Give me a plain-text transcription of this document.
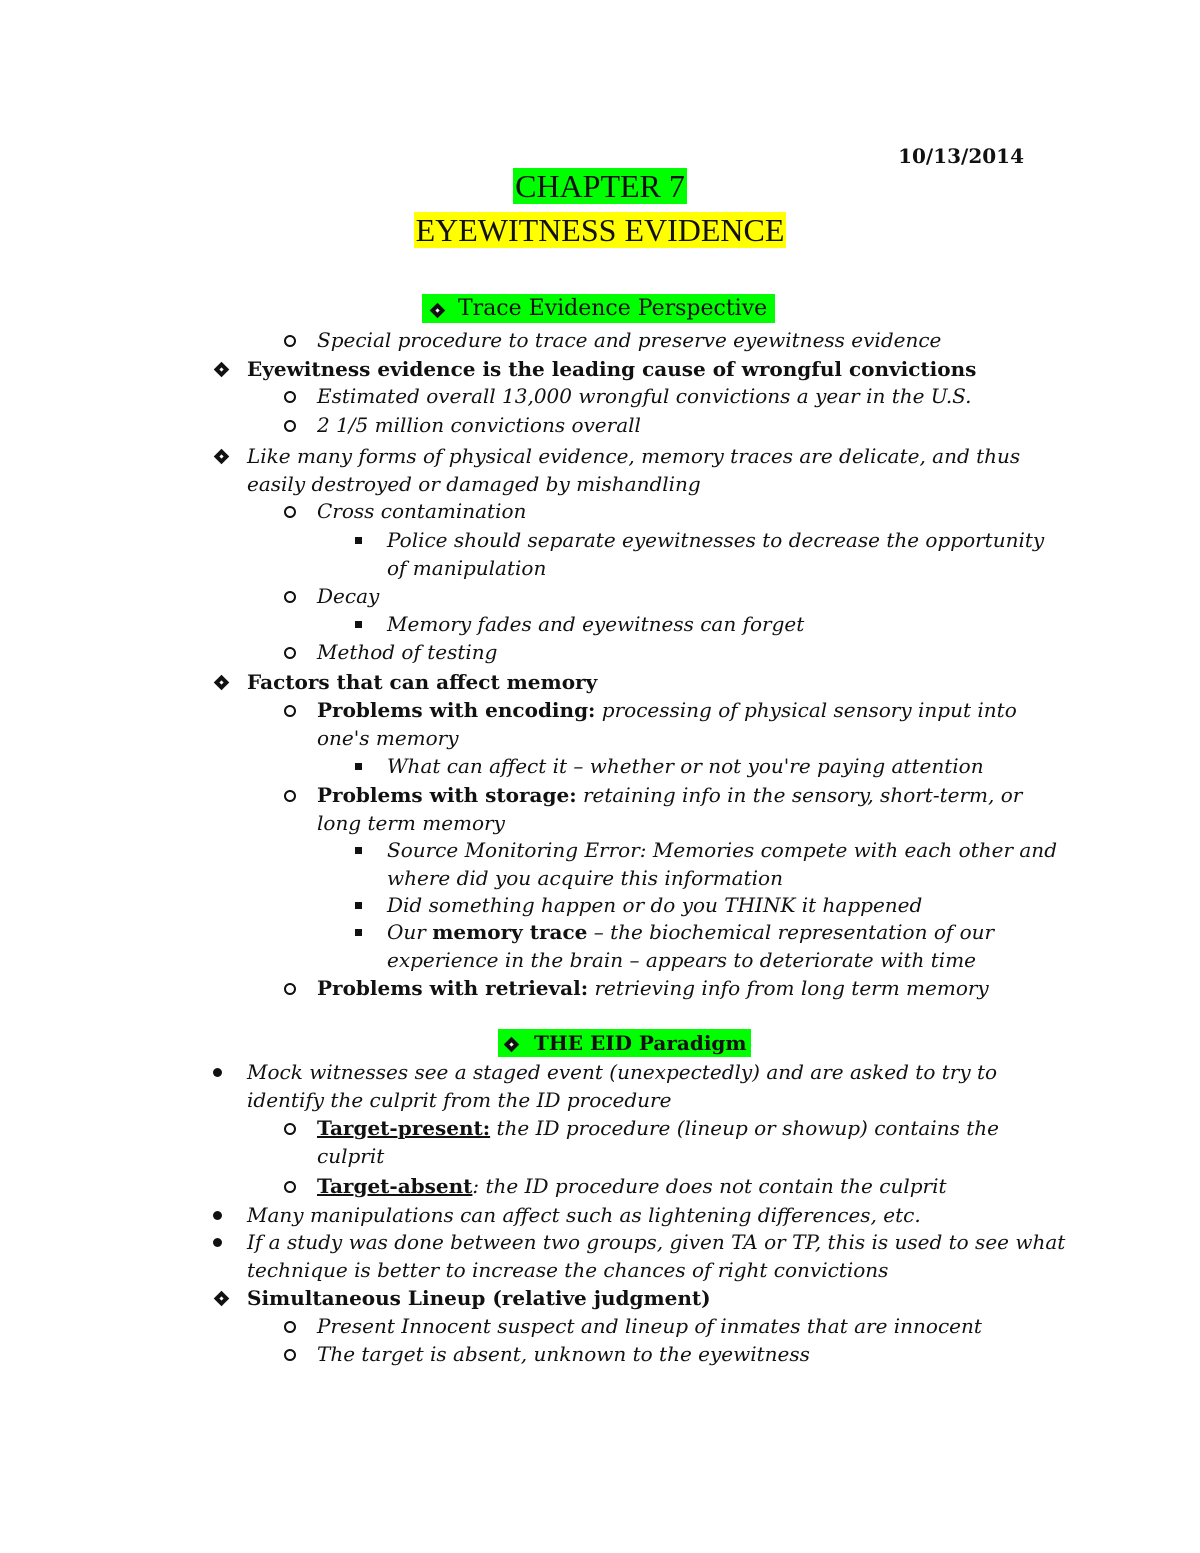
10/13/2014
CHAPTER 7
EYEWITNESS EVIDENCE
Trace Evidence Perspective
Special procedure to trace and preserve eyewitness evidence
Eyewitness evidence is the leading cause of wrongful convictions
Estimated overall 13,000 wrongful convictions a year in the U.S.
2 1/5 million convictions overall
Like many forms of physical evidence, memory traces are delicate, and thus
easily destroyed or damaged by mishandling
Cross contamination
Police should separate eyewitnesses to decrease the opportunity
of manipulation
Decay
Memory fades and eyewitness can forget
Method of testing
Factors that can affect memory
Problems with encoding: processing of physical sensory input into
one's memory
What can affect it – whether or not you're paying attention
Problems with storage: retaining info in the sensory, short-term, or
long term memory
Source Monitoring Error: Memories compete with each other and
where did you acquire this information
Did something happen or do you THINK it happened
Our memory trace – the biochemical representation of our
experience in the brain – appears to deteriorate with time
Problems with retrieval: retrieving info from long term memory
THE EID Paradigm
Mock witnesses see a staged event (unexpectedly) and are asked to try to
identify the culprit from the ID procedure
Target-present: the ID procedure (lineup or showup) contains the
culprit
Target-absent: the ID procedure does not contain the culprit
Many manipulations can affect such as lightening differences, etc.
If a study was done between two groups, given TA or TP, this is used to see what
technique is better to increase the chances of right convictions
Simultaneous Lineup (relative judgment)
Present Innocent suspect and lineup of inmates that are innocent
The target is absent, unknown to the eyewitness
